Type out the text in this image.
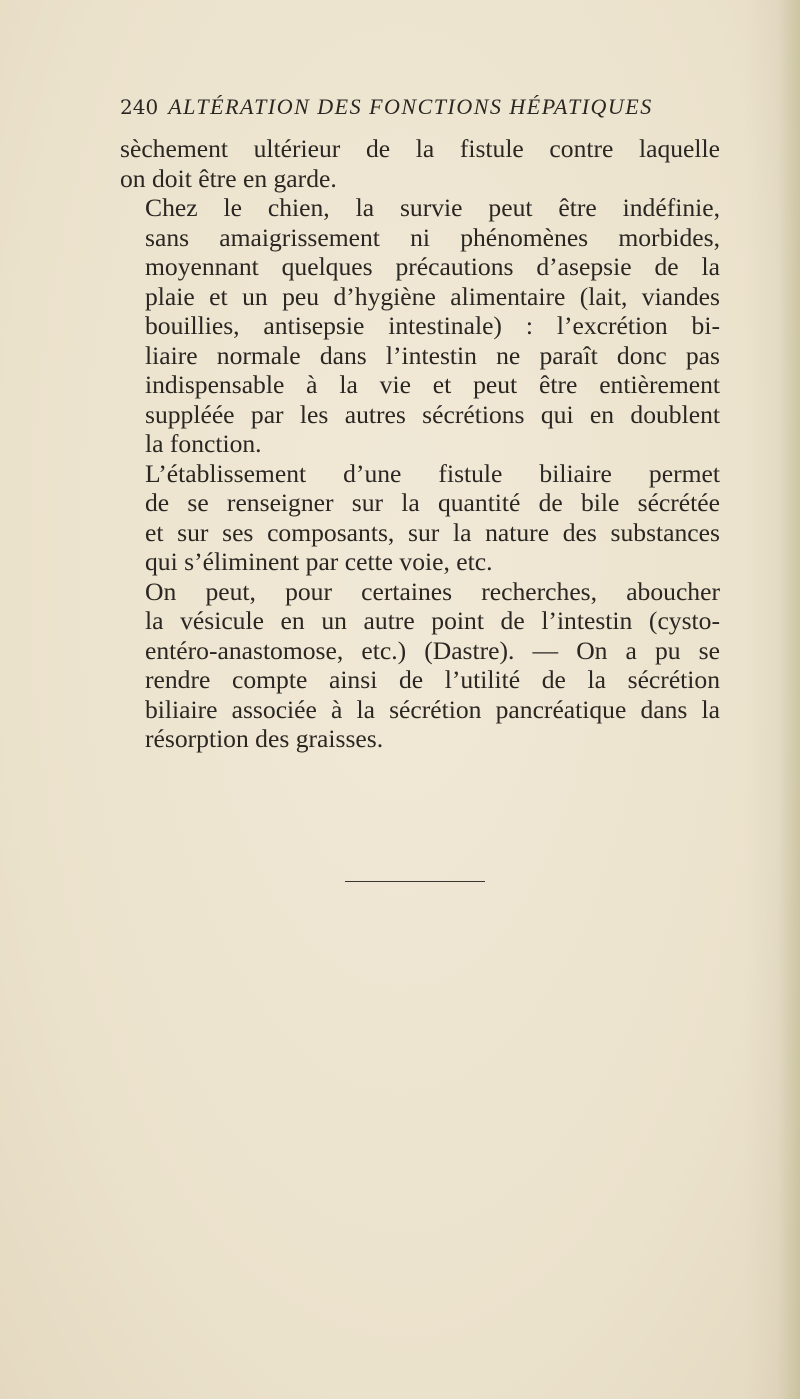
240 ALTÉRATION DES FONCTIONS HÉPATIQUES

sèchement ultérieur de la fistule contre laquelle
on doit être en garde.

Chez le chien, la survie peut être indéfinie,
sans amaigrissement ni phénomènes morbides,
moyennant quelques précautions d’asepsie de la
plaie et un peu d’hygiène alimentaire (lait, viandes
bouillies, antisepsie intestinale) : l’excrétion bi-
liaire normale dans l’intestin ne paraît donc pas
indispensable à la vie et peut être entièrement
suppléée par les autres sécrétions qui en doublent
la fonction.

L’établissement d’une fistule biliaire permet
de se renseigner sur la quantité de bile sécrétée
et sur ses composants, sur la nature des substances
qui s’éliminent par cette voie, etc.

On peut, pour certaines recherches, aboucher
la vésicule en un autre point de l’intestin (cysto-
entéro-anastomose, etc.) (Dastre). — On a pu se
rendre compte ainsi de l’utilité de la sécrétion
biliaire associée à la sécrétion pancréatique dans la
résorption des graisses.
